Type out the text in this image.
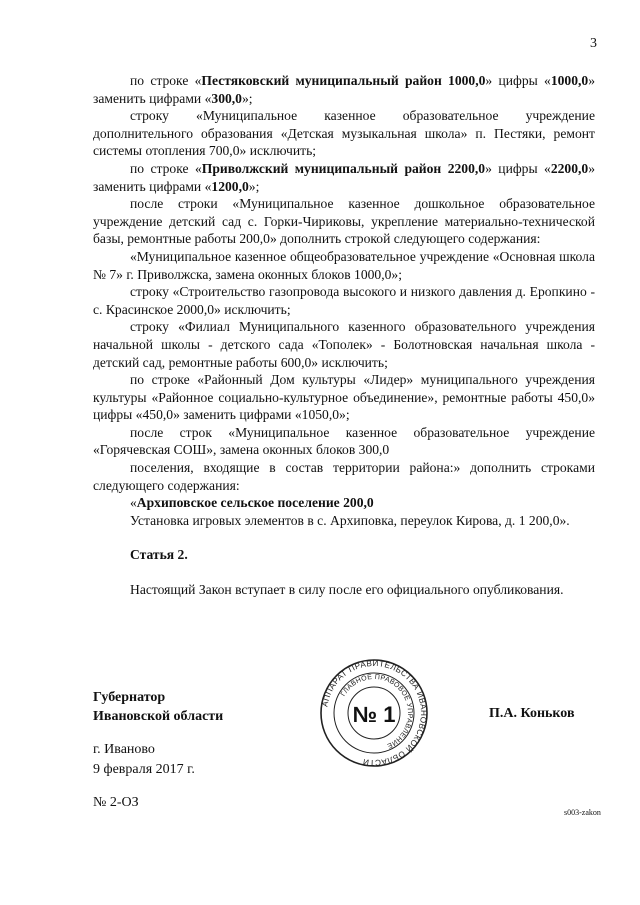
3

по строке «Пестяковский муниципальный район 1000,0» цифры «1000,0» заменить цифрами «300,0»;

строку «Муниципальное казенное образовательное учреждение дополнительного образования «Детская музыкальная школа» п. Пестяки, ремонт системы отопления 700,0» исключить;

по строке «Приволжский муниципальный район 2200,0» цифры «2200,0» заменить цифрами «1200,0»;

после строки «Муниципальное казенное дошкольное образовательное учреждение детский сад с. Горки-Чириковы, укрепление материально-технической базы, ремонтные работы 200,0» дополнить строкой следующего содержания:

«Муниципальное казенное общеобразовательное учреждение «Основная школа № 7» г. Приволжска, замена оконных блоков 1000,0»;

строку «Строительство газопровода высокого и низкого давления д. Еропкино - с. Красинское 2000,0» исключить;

строку «Филиал Муниципального казенного образовательного учреждения начальной школы - детского сада «Тополек» - Болотновская начальная школа - детский сад, ремонтные работы 600,0» исключить;

по строке «Районный Дом культуры «Лидер» муниципального учреждения культуры «Районное социально-культурное объединение», ремонтные работы 450,0» цифры «450,0» заменить цифрами «1050,0»;

после строк «Муниципальное казенное образовательное учреждение «Горячевская СОШ», замена оконных блоков 300,0

поселения, входящие в состав территории района:» дополнить строками следующего содержания:

«Архиповское сельское поселение 200,0

Установка игровых элементов в с. Архиповка, переулок Кирова, д. 1 200,0».

Статья 2.

Настоящий Закон вступает в силу после его официального опубликования.

Губернатор
Ивановской области
АППАРАТ ПРАВИТЕЛЬСТВА ИВАНОВСКОЙ ОБЛАСТИ
ГЛАВНОЕ ПРАВОВОЕ УПРАВЛЕНИЕ
№ 1	П.А. Коньков
г. Иваново
9 февраля 2017 г.
№ 2-ОЗ
s003-zakon
